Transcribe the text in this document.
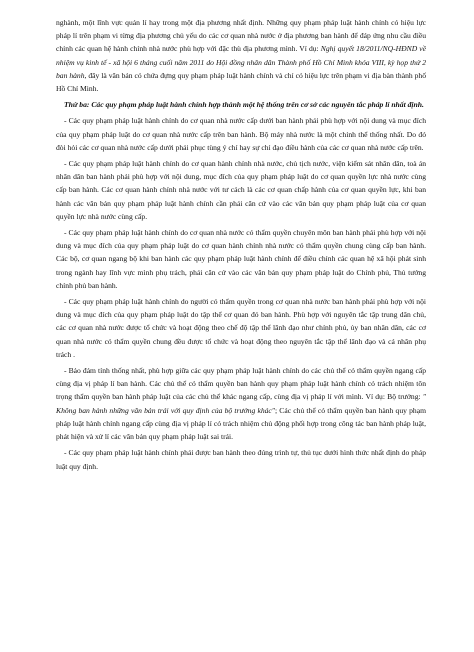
nghành, một lĩnh vực quản lí hay trong một địa phương nhất định. Những quy phạm pháp luật hành chính có hiệu lực pháp lí trên phạm vi từng địa phương chủ yếu do các cơ quan nhà nước ở địa phương ban hành để đáp ứng nhu cầu điều chỉnh các quan hệ hành chính nhà nước phù hợp với đặc thù địa phương mình. Ví dụ: Nghị quyết 18/2011/NQ-HĐND về nhiệm vụ kinh tế - xã hội 6 tháng cuối năm 2011 do Hội đồng nhân dân Thành phố Hồ Chí Minh khóa VIII, kỳ họp thứ 2 ban hành, đây là văn bản có chứa đựng quy phạm pháp luật hành chính và chỉ có hiệu lực trên phạm vi địa bàn thành phố Hồ Chí Minh.

Thứ ba: Các quy phạm pháp luật hành chính hợp thành một hệ thống trên cơ sở các nguyên tắc pháp lí nhất định.

- Các quy phạm pháp luật hành chính do cơ quan nhà nước cấp dưới ban hành phải phù hợp với nội dung và mục đích của quy phạm pháp luật do cơ quan nhà nước cấp trên ban hành. Bộ máy nhà nước là một chỉnh thể thống nhất. Do đó đòi hỏi các cơ quan nhà nước cấp dưới phải phục tùng ý chí hay sự chỉ đạo điều hành của các cơ quan nhà nước cấp trên.

- Các quy phạm pháp luật hành chính do cơ quan hành chính nhà nước, chủ tịch nước, viện kiểm sát nhân dân, toà án nhân dân ban hành phải phù hợp với nội dung, mục đích của quy phạm pháp luật do cơ quan quyền lực nhà nước cùng cấp ban hành. Các cơ quan hành chính nhà nước với tư cách là các cơ quan chấp hành của cơ quan quyền lực, khi ban hành các văn bản quy phạm pháp luật hành chính cần phải căn cứ vào các văn bản quy phạm pháp luật của cơ quan quyền lực nhà nước cùng cấp.

- Các quy phạm pháp luật hành chính do cơ quan nhà nước có thẩm quyền chuyên môn ban hành phải phù hợp với nội dung và mục đích của quy phạm pháp luật do cơ quan hành chính nhà nước có thẩm quyền chung cùng cấp ban hành. Các bộ, cơ quan ngang bộ khi ban hành các quy phạm pháp luật hành chính để điều chỉnh các quan hệ xã hội phát sinh trong ngành hay lĩnh vực mình phụ trách, phải căn cứ vào các văn bản quy phạm pháp luật do Chính phủ, Thủ tướng chính phủ ban hành.

- Các quy phạm pháp luật hành chính do người có thẩm quyền trong cơ quan nhà nước ban hành phải phù hợp với nội dung và mục đích của quy phạm pháp luật do tập thể cơ quan đó ban hành. Phù hợp với nguyên tắc tập trung dân chủ, các cơ quan nhà nước được tổ chức và hoạt động theo chế độ tập thể lãnh đạo như chính phủ, ủy ban nhân dân, các cơ quan nhà nước có thẩm quyền chung đều được tổ chức và hoạt động theo nguyên tắc tập thể lãnh đạo và cá nhân phụ trách .

- Bảo đảm tính thống nhất, phù hợp giữa các quy phạm pháp luật hành chính do các chủ thể có thẩm quyền ngang cấp cùng địa vị pháp lí ban hành. Các chủ thể có thẩm quyền ban hành quy phạm pháp luật hành chính có trách nhiệm tôn trọng thẩm quyền ban hành pháp luật của các chủ thể khác ngang cấp, cùng địa vị pháp lí với mình. Ví dụ: Bộ trưởng: " Không ban hành những văn bản trái với quy định của bộ trưởng khác"; Các chủ thể có thẩm quyền ban hành quy phạm pháp luật hành chính ngang cấp cùng địa vị pháp lí có trách nhiệm chủ động phối hợp trong công tác ban hành pháp luật, phát hiện và xử lí các văn bản quy phạm pháp luật sai trái.

- Các quy phạm pháp luật hành chính phải được ban hành theo đúng trình tự, thủ tục dưới hình thức nhất định do pháp luật quy định.
